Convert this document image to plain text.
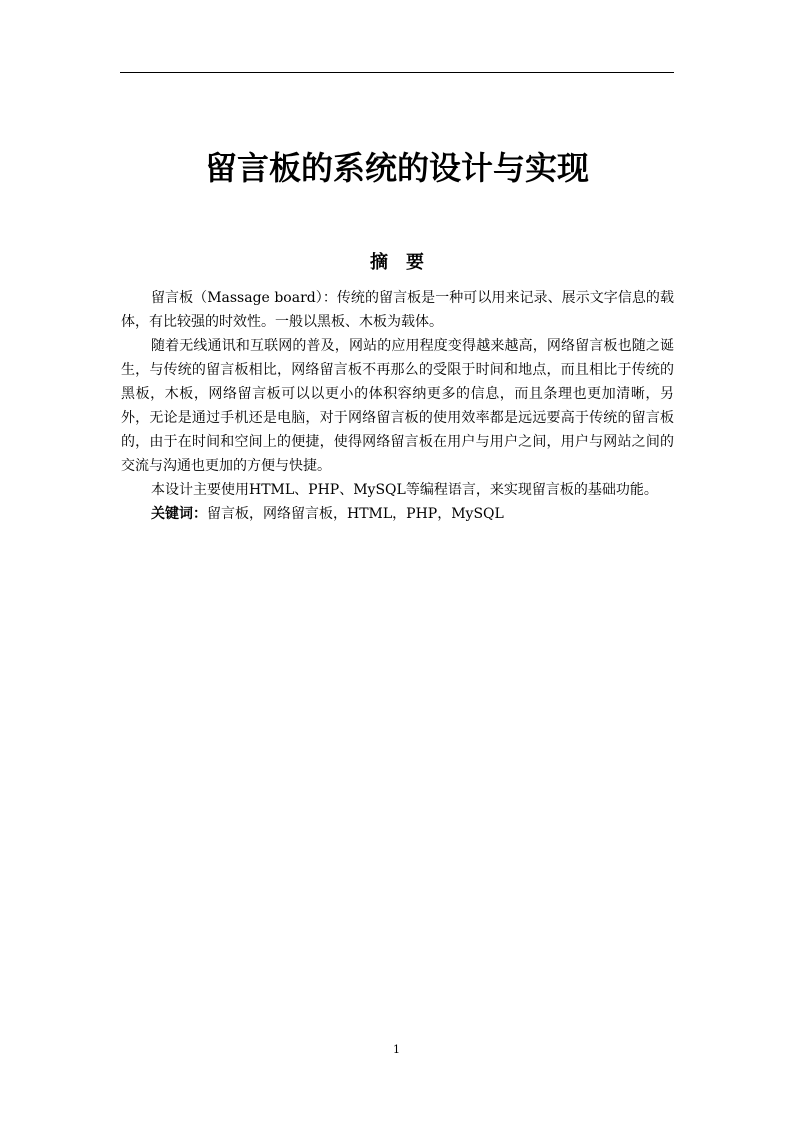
留言板的系统的设计与实现
摘 要

留言板（Massage board）：传统的留言板是一种可以用来记录、展示文字信息的载体，有比较强的时效性。一般以黑板、木板为载体。

随着无线通讯和互联网的普及，网站的应用程度变得越来越高，网络留言板也随之诞生，与传统的留言板相比，网络留言板不再那么的受限于时间和地点，而且相比于传统的黑板，木板，网络留言板可以以更小的体积容纳更多的信息，而且条理也更加清晰，另外，无论是通过手机还是电脑，对于网络留言板的使用效率都是远远要高于传统的留言板的，由于在时间和空间上的便捷，使得网络留言板在用户与用户之间，用户与网站之间的交流与沟通也更加的方便与快捷。

本设计主要使用HTML、PHP、MySQL等编程语言，来实现留言板的基础功能。

关键词：留言板，网络留言板，HTML，PHP，MySQL

1
